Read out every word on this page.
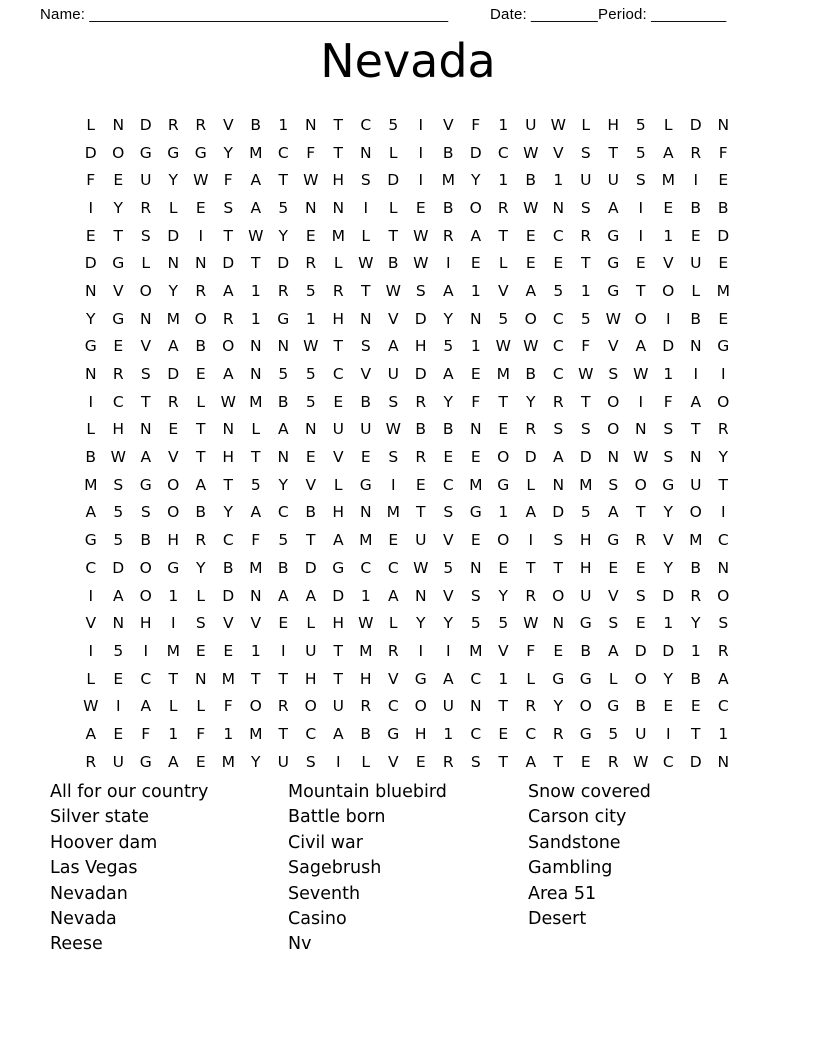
Name: ___________________________________________	Date: ________ Period: _________
Nevada
L	N	D	R	R	V	B	1	N	T	C	5	I	V	F	1	U W	L	H	5	L	D	N
D O G G G	Y	M C	F	T	N	L	I	B	D	C W V	S	T	5	A	R	F
F	E	U	Y W F	A	T W H	S	D	I	M	Y	1	B	1	U	U	S	M	I	E
I	Y	R	L	E	S	A	5	N	N	I	L	E	B	O	R W N	S	A	I	E	B	B
E	T	S	D	I	T W Y	E	M	L	T W R	A	T	E	C	R	G	I	1	E	D
D	G	L	N	N	D	T	D	R	L	W B W	I	E	L	E	E	T	G	E	V	U	E
N	V	O	Y	R	A	1	R	5	R	T W S	A	1	V	A	5	1	G	T	O	L	M
Y	G	N M O	R	1	G	1	H	N	V	D	Y	N	5	O	C	5 W O	I	B	E
G	E	V	A	B	O	N	N W T	S	A	H	5	1 W W C	F	V	A	D	N	G
N	R	S	D	E	A	N	5	5	C	V	U	D	A	E	M B	C W S W 1	I	I
I	C	T	R	L	W M B	5	E	B	S	R	Y	F	T	Y	R	T	O	I	F	A	O
L	H	N	E	T	N	L	A	N	U	U W B	B	N	E	R	S	S	O	N	S	T	R
B W A	V	T	H	T	N	E	V	E	S	R	E	E	O D	A	D	N W S	N	Y
M	S	G O	A	T	5	Y	V	L	G	I	E	C M G	L	N M	S	O G	U	T
A	5	S	O	B	Y	A	C	B	H	N M	T	S	G	1	A	D	5	A	T	Y	O	I
G	5	B	H	R	C	F	5	T	A	M	E	U	V	E	O	I	S	H	G	R	V	M C
C	D O G	Y	B	M B	D	G	C	C W 5	N	E	T	T	H	E	E	Y	B	N
I	A	O	1	L	D	N	A	A	D	1	A	N	V	S	Y	R	O	U	V	S	D	R	O
V	N	H	I	S	V	V	E	L	H W	L	Y	Y	5	5 W N	G	S	E	1	Y	S
I	5	I	M	E	E	1	I	U	T	M R	I	I	M	V	F	E	B	A	D	D	1	R
L	E	C	T	N M	T	T	H	T	H	V	G	A	C	1	L	G G	L	O	Y	B	A
W	I	A	L	L	F	O	R	O	U	R	C	O	U	N	T	R	Y	O G	B	E	E	C
A	E	F	1	F	1	M	T	C	A	B	G	H	1	C	E	C	R	G	5	U	I	T	1
R	U	G	A	E	M	Y	U	S	I	L	V	E	R	S	T	A	T	E	R W C	D	N
All for our country
Silver state
Hoover dam
Las Vegas
Nevadan
Nevada
Reese
Mountain bluebird
Battle born
Civil war
Sagebrush
Seventh
Casino
Nv
Snow covered
Carson city
Sandstone
Gambling
Area 51
Desert
